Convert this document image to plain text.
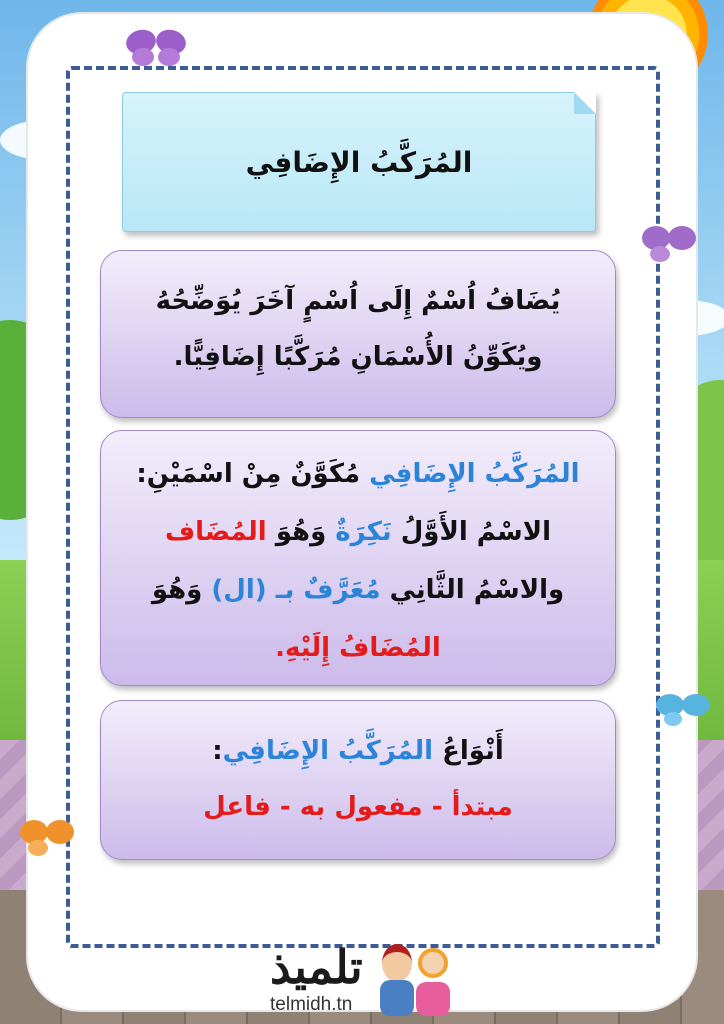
المُرَكَّبُ الإِضَافِي
يُضَافُ اُسْمٌ إِلَى اُسْمٍ آخَرَ يُوَضِّحُهُ
ويُكَوِّنُ الأُسْمَانِ مُرَكَّبًا إِضَافِيًّا.
المُرَكَّبُ الإِضَافِي مُكَوَّنٌ مِنْ اسْمَيْنِ: الاسْمُ الأَوَّلُ نَكِرَةٌ وَهُوَ المُضَاف والاسْمُ الثَّانِي مُعَرَّفٌ بـ (ال) وَهُوَ المُضَافُ إِلَيْهِ.
أَنْوَاعُ المُرَكَّبُ الإِضَافِي:
مبتدأ - مفعول به - فاعل
تلميذ
telmidh.tn
